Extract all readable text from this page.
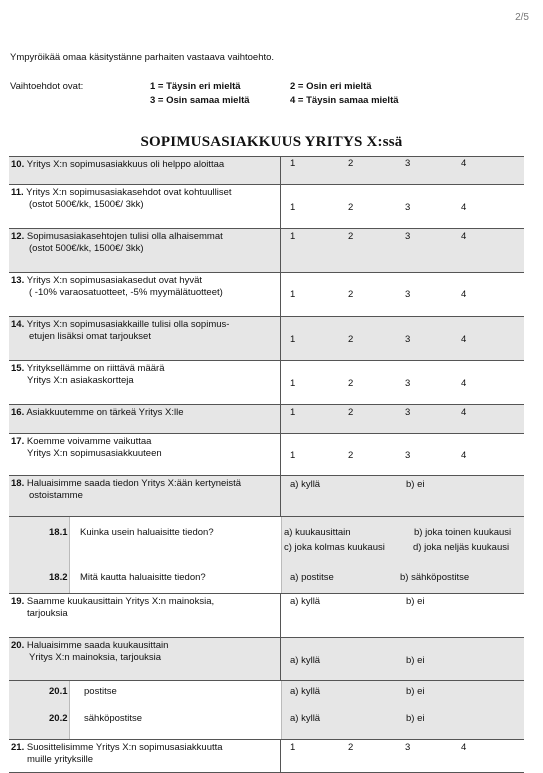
2/5
Ympyröikää omaa käsitystänne parhaiten vastaava vaihtoehto.
Vaihtoehdot ovat:	1 = Täysin eri mieltä	2 = Osin eri mieltä
3 = Osin samaa mieltä	4 = Täysin samaa mieltä
SOPIMUSASIAKKUUS YRITYS X:ssä
10. Yritys X:n sopimusasiakkuus oli helppo aloittaa	1	2	3	4
11. Yritys X:n sopimusasiakasehdot ovat kohtuulliset
(ostot 500€/kk, 1500€/ 3kk)	1	2	3	4
12. Sopimusasiakasehtojen tulisi olla alhaisemmat
(ostot 500€/kk, 1500€/ 3kk)
1	2	3	4
13. Yritys X:n sopimusasiakasedut ovat hyvät
( -10% varaosatuotteet, -5% myymälätuotteet)	1	2	3	4
14. Yritys X:n sopimusasiakkaille tulisi olla sopimus-
etujen lisäksi omat tarjoukset	1	2	3	4
15. Yrityksellämme on riittävä määrä
Yritys X:n asiakaskortteja	1	2	3	4
16. Asiakkuutemme on tärkeä Yritys X:lle	1	2	3	4
17. Koemme voivamme vaikuttaa
Yritys X:n sopimusasiakkuuteen	1	2	3	4
18. Haluaisimme saada tiedon Yritys X:ään kertyneistä
ostoistamme
a) kyllä	b) ei
18.1 Kuinka usein haluaisitte tiedon?	a) kuukausittain	b) joka toinen kuukausi
c) joka kolmas kuukausi	d) joka neljäs kuukausi
18.2 Mitä kautta haluaisitte tiedon?	a) postitse	b) sähköpostitse
19. Saamme kuukausittain Yritys X:n mainoksia,
tarjouksia
a) kyllä	b) ei
20. Haluaisimme saada kuukausittain
Yritys X:n mainoksia, tarjouksia	a) kyllä	b) ei
20.1 postitse	a) kyllä	b) ei
20.2 sähköpostitse	a) kyllä	b) ei
21. Suosittelisimme Yritys X:n sopimusasiakkuutta
muille yrityksille
1	2	3	4
